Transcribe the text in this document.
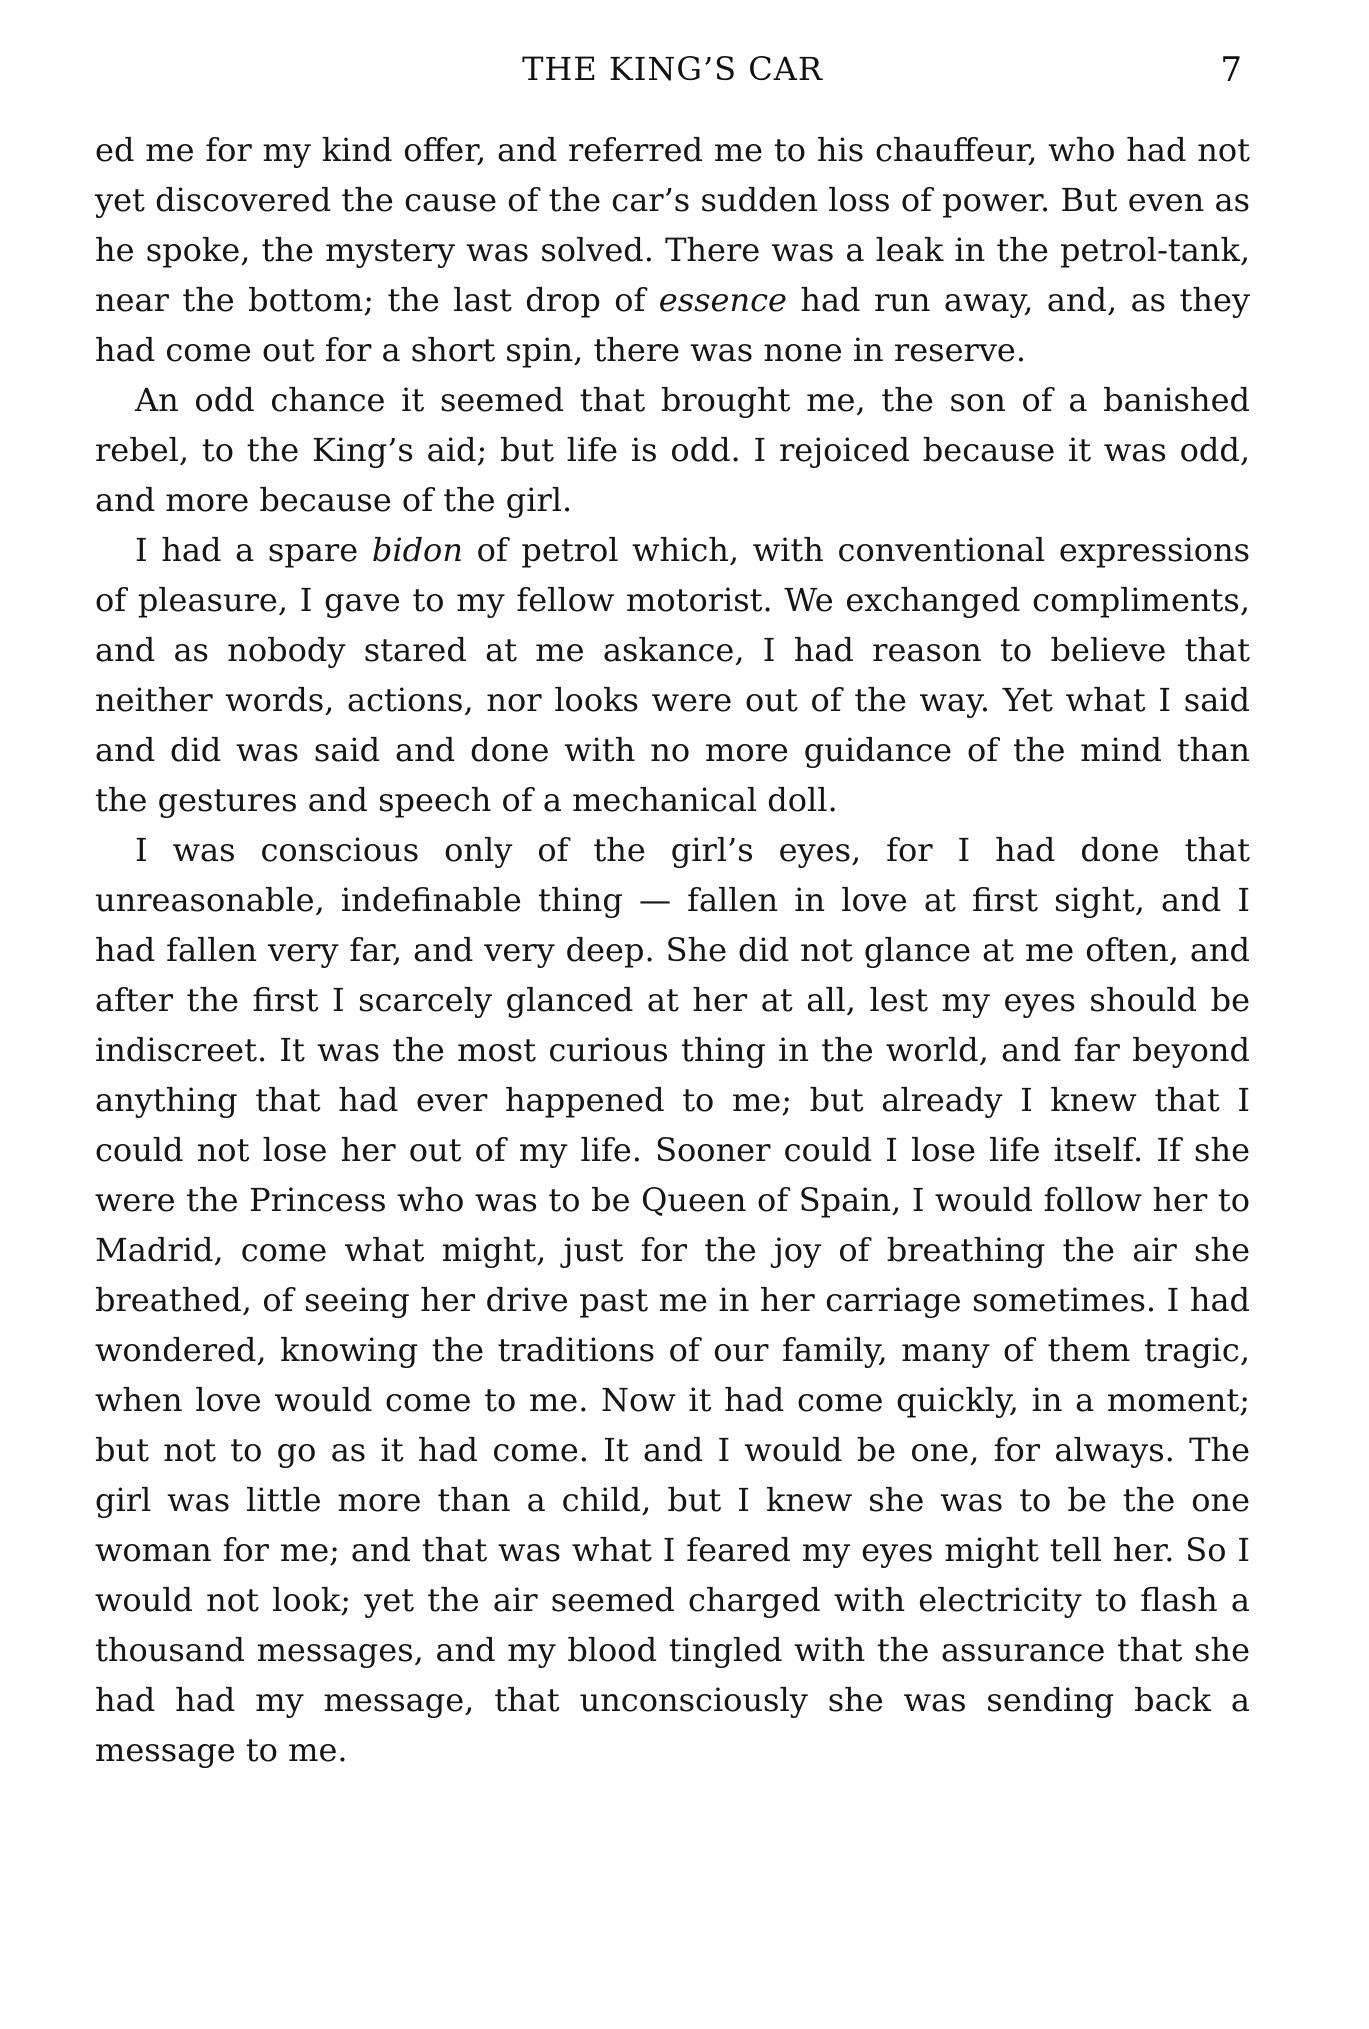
THE KING’S CAR	7

ed me for my kind offer, and referred me to his chauffeur, who had not yet discovered the cause of the car’s sudden loss of power. But even as he spoke, the mystery was solved. There was a leak in the petrol-tank, near the bottom; the last drop of essence had run away, and, as they had come out for a short spin, there was none in reserve.

An odd chance it seemed that brought me, the son of a banished rebel, to the King’s aid; but life is odd. I rejoiced because it was odd, and more because of the girl.

I had a spare bidon of petrol which, with conventional expressions of pleasure, I gave to my fellow motorist. We exchanged compliments, and as nobody stared at me askance, I had reason to believe that neither words, actions, nor looks were out of the way. Yet what I said and did was said and done with no more guidance of the mind than the gestures and speech of a mechanical doll.

I was conscious only of the girl’s eyes, for I had done that unreasonable, indefinable thing — fallen in love at first sight, and I had fallen very far, and very deep. She did not glance at me often, and after the first I scarcely glanced at her at all, lest my eyes should be indiscreet. It was the most curious thing in the world, and far beyond anything that had ever happened to me; but already I knew that I could not lose her out of my life. Sooner could I lose life itself. If she were the Princess who was to be Queen of Spain, I would follow her to Madrid, come what might, just for the joy of breathing the air she breathed, of seeing her drive past me in her carriage sometimes. I had wondered, knowing the traditions of our family, many of them tragic, when love would come to me. Now it had come quickly, in a moment; but not to go as it had come. It and I would be one, for always. The girl was little more than a child, but I knew she was to be the one woman for me; and that was what I feared my eyes might tell her. So I would not look; yet the air seemed charged with electricity to flash a thousand messages, and my blood tingled with the assurance that she had had my message, that unconsciously she was sending back a message to me.
